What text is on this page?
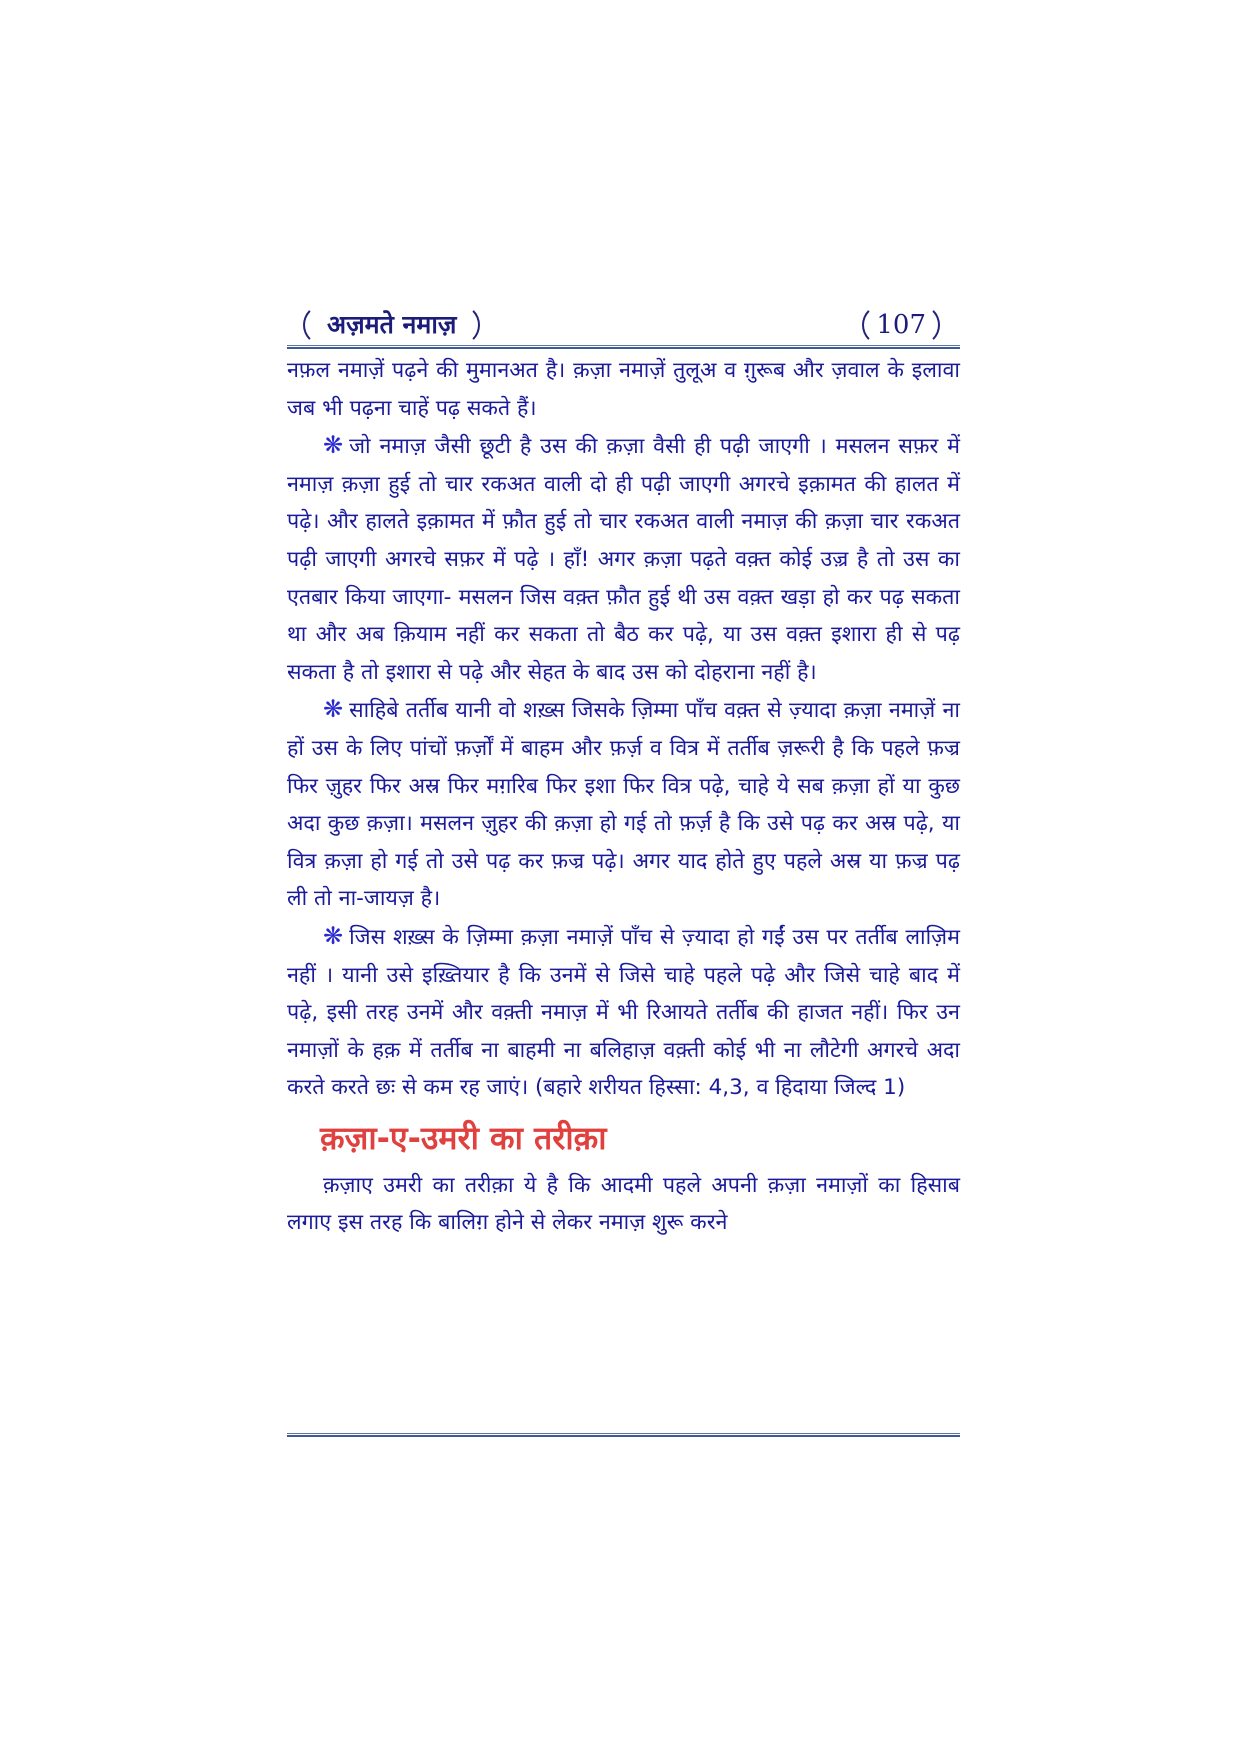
अज़मते नमाज़	107

नफ़ल नमाज़ें पढ़ने की मुमानअत है। क़ज़ा नमाज़ें तुलूअ व ग़ुरूब और ज़वाल के इलावा जब भी पढ़ना चाहें पढ़ सकते हैं।

❋ जो नमाज़ जैसी छूटी है उस की क़ज़ा वैसी ही पढ़ी जाएगी । मसलन सफ़र में नमाज़ क़ज़ा हुई तो चार रकअत वाली दो ही पढ़ी जाएगी अगरचे इक़ामत की हालत में पढ़े। और हालते इक़ामत में फ़ौत हुई तो चार रकअत वाली नमाज़ की क़ज़ा चार रकअत पढ़ी जाएगी अगरचे सफ़र में पढ़े । हाँ! अगर क़ज़ा पढ़ते वक़्त कोई उज़्र है तो उस का एतबार किया जाएगा- मसलन जिस वक़्त फ़ौत हुई थी उस वक़्त खड़ा हो कर पढ़ सकता था और अब क़ियाम नहीं कर सकता तो बैठ कर पढ़े, या उस वक़्त इशारा ही से पढ़ सकता है तो इशारा से पढ़े और सेहत के बाद उस को दोहराना नहीं है।

❋ साहिबे तर्तीब यानी वो शख़्स जिसके ज़िम्मा पाँच वक़्त से ज़्यादा क़ज़ा नमाज़ें ना हों उस के लिए पांचों फ़र्ज़ों में बाहम और फ़र्ज़ व वित्र में तर्तीब ज़रूरी है कि पहले फ़ज्र फिर ज़ुहर फिर अस्र फिर मग़रिब फिर इशा फिर वित्र पढ़े, चाहे ये सब क़ज़ा हों या कुछ अदा कुछ क़ज़ा। मसलन ज़ुहर की क़ज़ा हो गई तो फ़र्ज़ है कि उसे पढ़ कर अस्र पढ़े, या वित्र क़ज़ा हो गई तो उसे पढ़ कर फ़ज्र पढ़े। अगर याद होते हुए पहले अस्र या फ़ज्र पढ़ ली तो ना-जायज़ है।

❋ जिस शख़्स के ज़िम्मा क़ज़ा नमाज़ें पाँच से ज़्यादा हो गईं उस पर तर्तीब लाज़िम नहीं । यानी उसे इख़्तियार है कि उनमें से जिसे चाहे पहले पढ़े और जिसे चाहे बाद में पढ़े, इसी तरह उनमें और वक़्ती नमाज़ में भी रिआयते तर्तीब की हाजत नहीं। फिर उन नमाज़ों के हक़ में तर्तीब ना बाहमी ना बलिहाज़ वक़्ती कोई भी ना लौटेगी अगरचे अदा करते करते छः से कम रह जाएं। (बहारे शरीयत हिस्सा: 4,3, व हिदाया जिल्द 1)

क़ज़ा-ए-उमरी का तरीक़ा

क़ज़ाए उमरी का तरीक़ा ये है कि आदमी पहले अपनी क़ज़ा नमाज़ों का हिसाब लगाए इस तरह कि बालिग़ होने से लेकर नमाज़ शुरू करने
